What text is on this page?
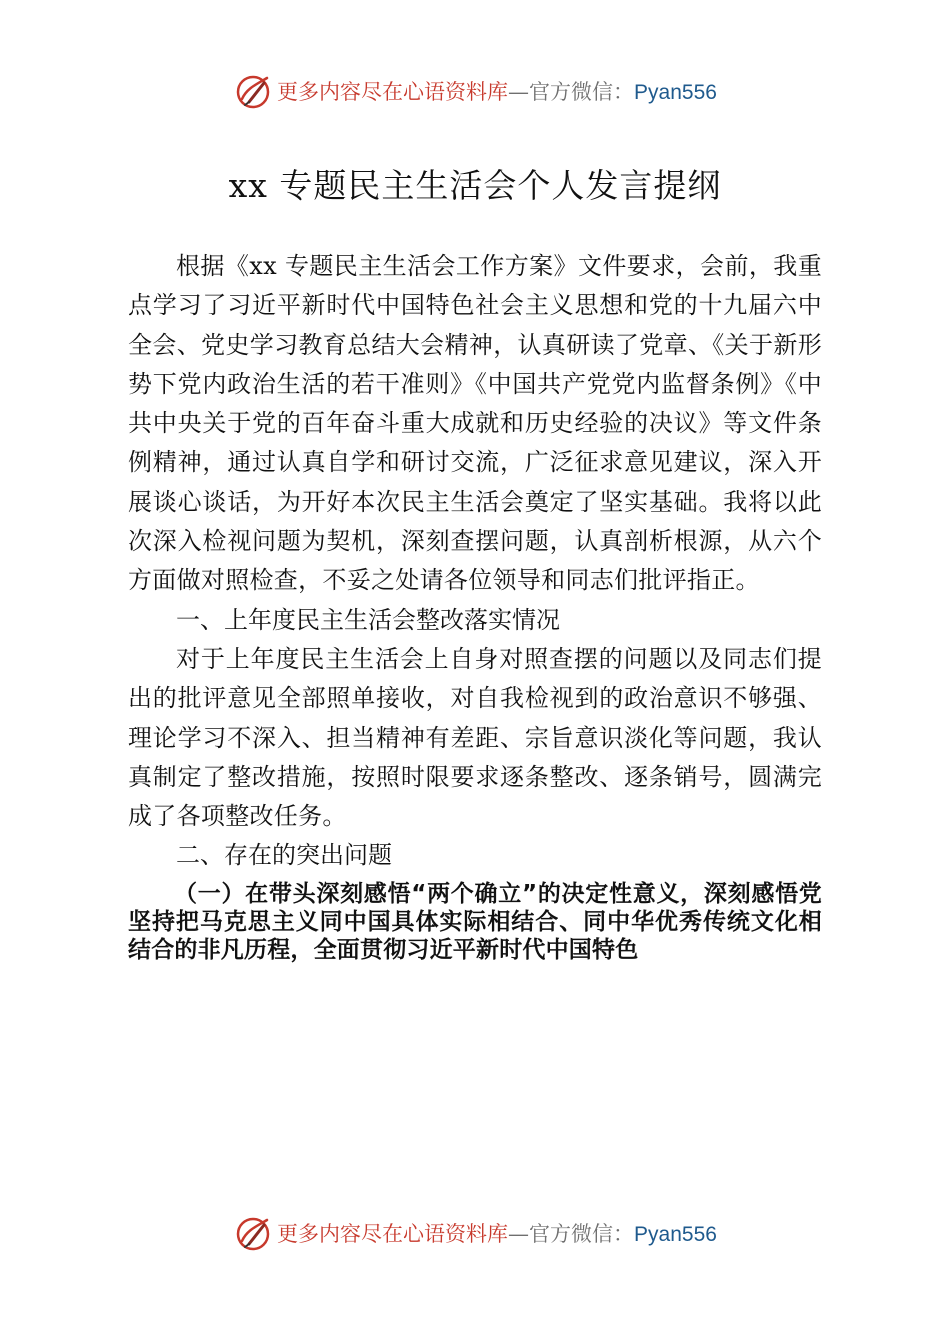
更多内容尽在心语资料库—官方微信：Pyan556
xx 专题民主生活会个人发言提纲

根据《xx 专题民主生活会工作方案》文件要求，会前，我重点学习了习近平新时代中国特色社会主义思想和党的十九届六中全会、党史学习教育总结大会精神，认真研读了党章、《关于新形势下党内政治生活的若干准则》《中国共产党党内监督条例》《中共中央关于党的百年奋斗重大成就和历史经验的决议》等文件条例精神，通过认真自学和研讨交流，广泛征求意见建议，深入开展谈心谈话，为开好本次民主生活会奠定了坚实基础。我将以此次深入检视问题为契机，深刻查摆问题，认真剖析根源，从六个方面做对照检查，不妥之处请各位领导和同志们批评指正。

一、上年度民主生活会整改落实情况

对于上年度民主生活会上自身对照查摆的问题以及同志们提出的批评意见全部照单接收，对自我检视到的政治意识不够强、理论学习不深入、担当精神有差距、宗旨意识淡化等问题，我认真制定了整改措施，按照时限要求逐条整改、逐条销号，圆满完成了各项整改任务。

二、存在的突出问题

（一）在带头深刻感悟“两个确立”的决定性意义，深刻感悟党坚持把马克思主义同中国具体实际相结合、同中华优秀传统文化相结合的非凡历程，全面贯彻习近平新时代中国特色

更多内容尽在心语资料库—官方微信：Pyan556
